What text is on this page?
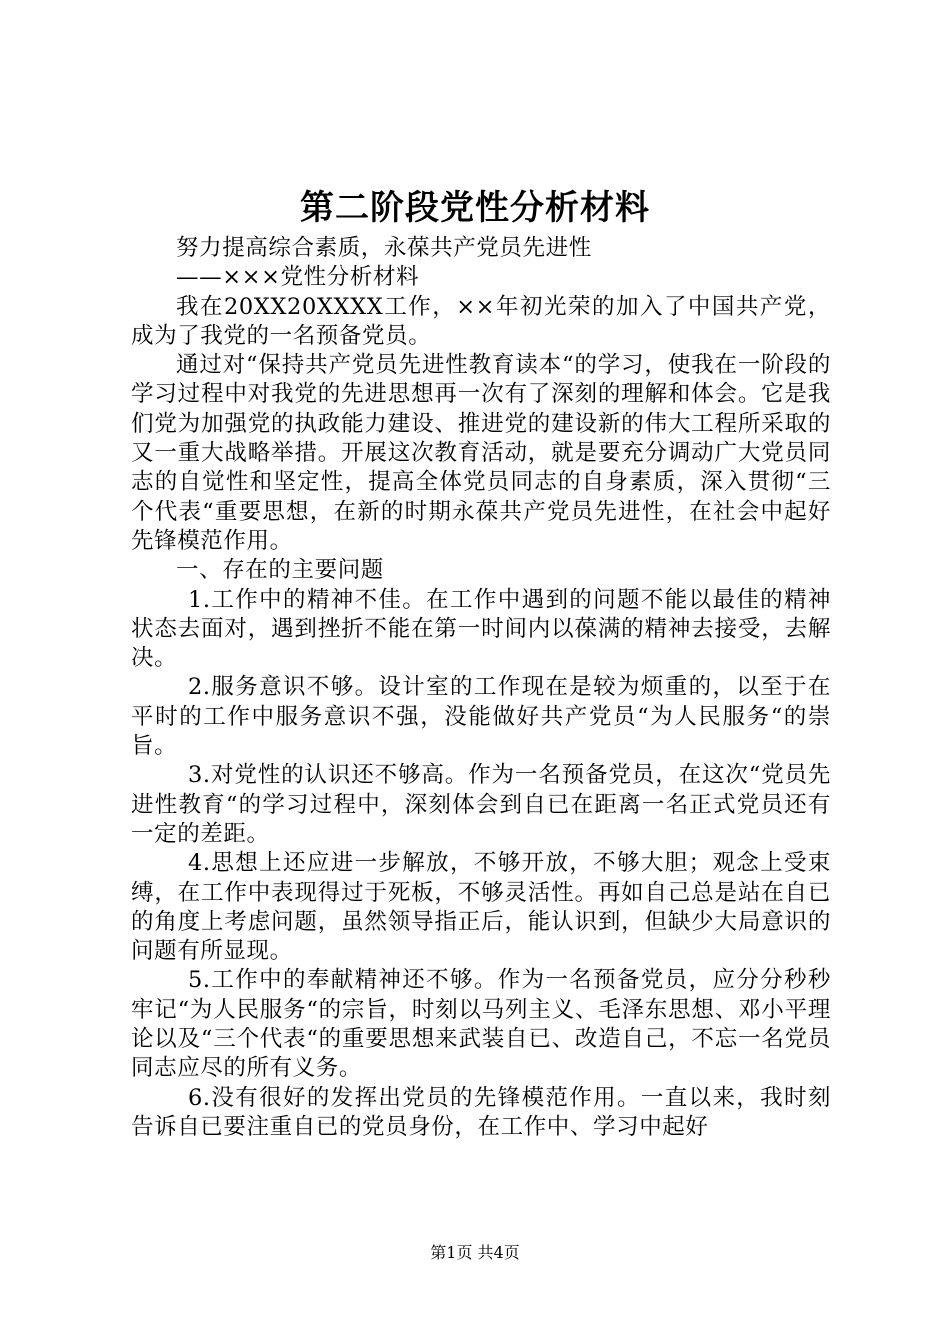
第二阶段党性分析材料

努力提高综合素质，永葆共产党员先进性

——×××党性分析材料

我在20XX20XXXX工作，××年初光荣的加入了中国共产党，成为了我党的一名预备党员。

通过对“保持共产党员先进性教育读本“的学习，使我在一阶段的学习过程中对我党的先进思想再一次有了深刻的理解和体会。它是我们党为加强党的执政能力建设、推进党的建设新的伟大工程所采取的又一重大战略举措。开展这次教育活动，就是要充分调动广大党员同志的自觉性和坚定性，提高全体党员同志的自身素质，深入贯彻“三个代表“重要思想，在新的时期永葆共产党员先进性，在社会中起好先锋模范作用。

一、存在的主要问题

1.工作中的精神不佳。在工作中遇到的问题不能以最佳的精神状态去面对，遇到挫折不能在第一时间内以葆满的精神去接受，去解决。

2.服务意识不够。设计室的工作现在是较为烦重的，以至于在平时的工作中服务意识不强，没能做好共产党员“为人民服务“的崇旨。

3.对党性的认识还不够高。作为一名预备党员，在这次“党员先进性教育“的学习过程中，深刻体会到自已在距离一名正式党员还有一定的差距。

4.思想上还应进一步解放，不够开放，不够大胆；观念上受束缚，在工作中表现得过于死板，不够灵活性。再如自己总是站在自已的角度上考虑问题，虽然领导指正后，能认识到，但缺少大局意识的问题有所显现。

5.工作中的奉献精神还不够。作为一名预备党员，应分分秒秒牢记“为人民服务“的宗旨，时刻以马列主义、毛泽东思想、邓小平理论以及“三个代表“的重要思想来武装自已、改造自己，不忘一名党员同志应尽的所有义务。

6.没有很好的发挥出党员的先锋模范作用。一直以来，我时刻告诉自已要注重自已的党员身份，在工作中、学习中起好

第1页 共4页
